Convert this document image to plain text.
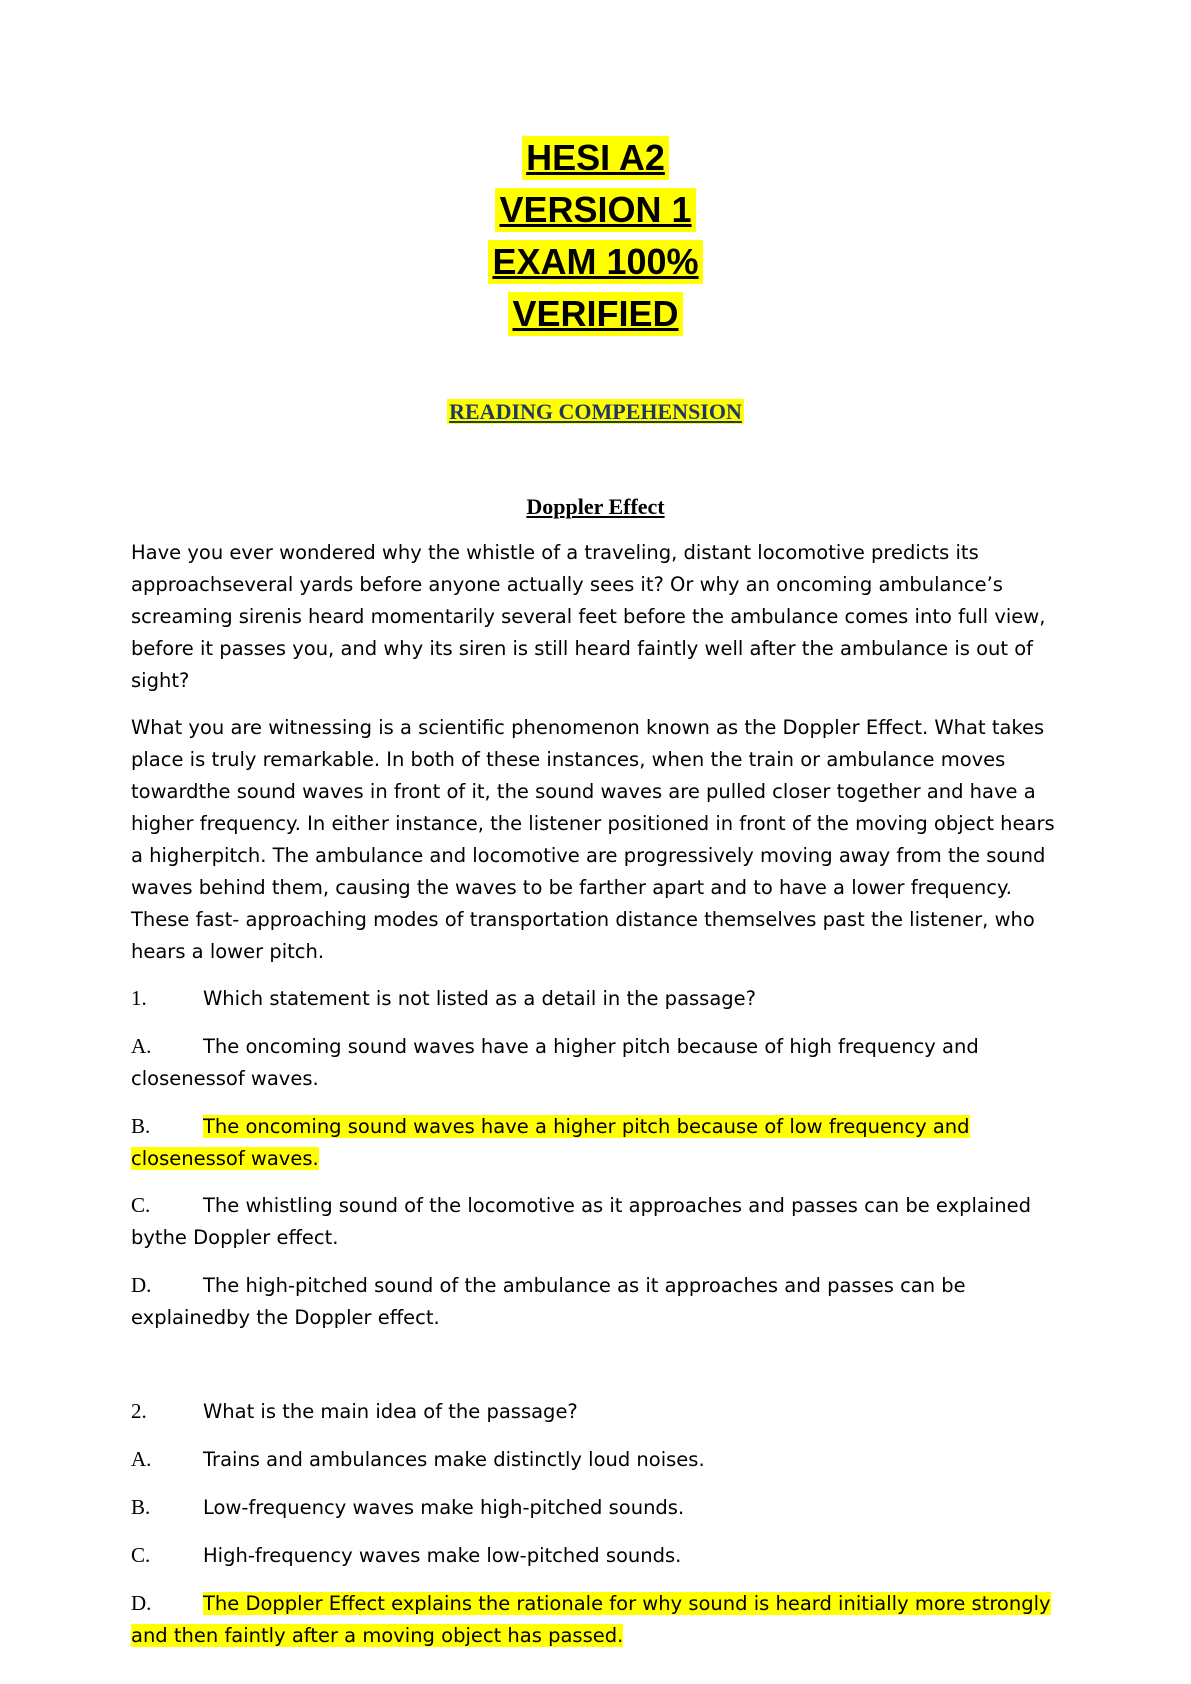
HESI A2
VERSION 1
EXAM 100%
VERIFIED
READING COMPEHENSION
Doppler Effect
Have you ever wondered why the whistle of a traveling, distant locomotive predicts its approachseveral yards before anyone actually sees it? Or why an oncoming ambulance’s screaming sirenis heard momentarily several feet before the ambulance comes into full view, before it passes you, and why its siren is still heard faintly well after the ambulance is out of sight?
What you are witnessing is a scientific phenomenon known as the Doppler Effect. What takes place is truly remarkable. In both of these instances, when the train or ambulance moves towardthe sound waves in front of it, the sound waves are pulled closer together and have a higher frequency. In either instance, the listener positioned in front of the moving object hears a higherpitch. The ambulance and locomotive are progressively moving away from the sound waves behind them, causing the waves to be farther apart and to have a lower frequency. These fast- approaching modes of transportation distance themselves past the listener, who hears a lower pitch.
1.	Which statement is not listed as a detail in the passage?
A.	The oncoming sound waves have a higher pitch because of high frequency and closenessof waves.
B.	The oncoming sound waves have a higher pitch because of low frequency and closenessof waves.
C.	The whistling sound of the locomotive as it approaches and passes can be explained bythe Doppler effect.
D.	The high-pitched sound of the ambulance as it approaches and passes can be explainedby the Doppler effect.
2.	What is the main idea of the passage?
A.	Trains and ambulances make distinctly loud noises.
B.	Low-frequency waves make high-pitched sounds.
C.	High-frequency waves make low-pitched sounds.
D.	The Doppler Effect explains the rationale for why sound is heard initially more strongly and then faintly after a moving object has passed.
